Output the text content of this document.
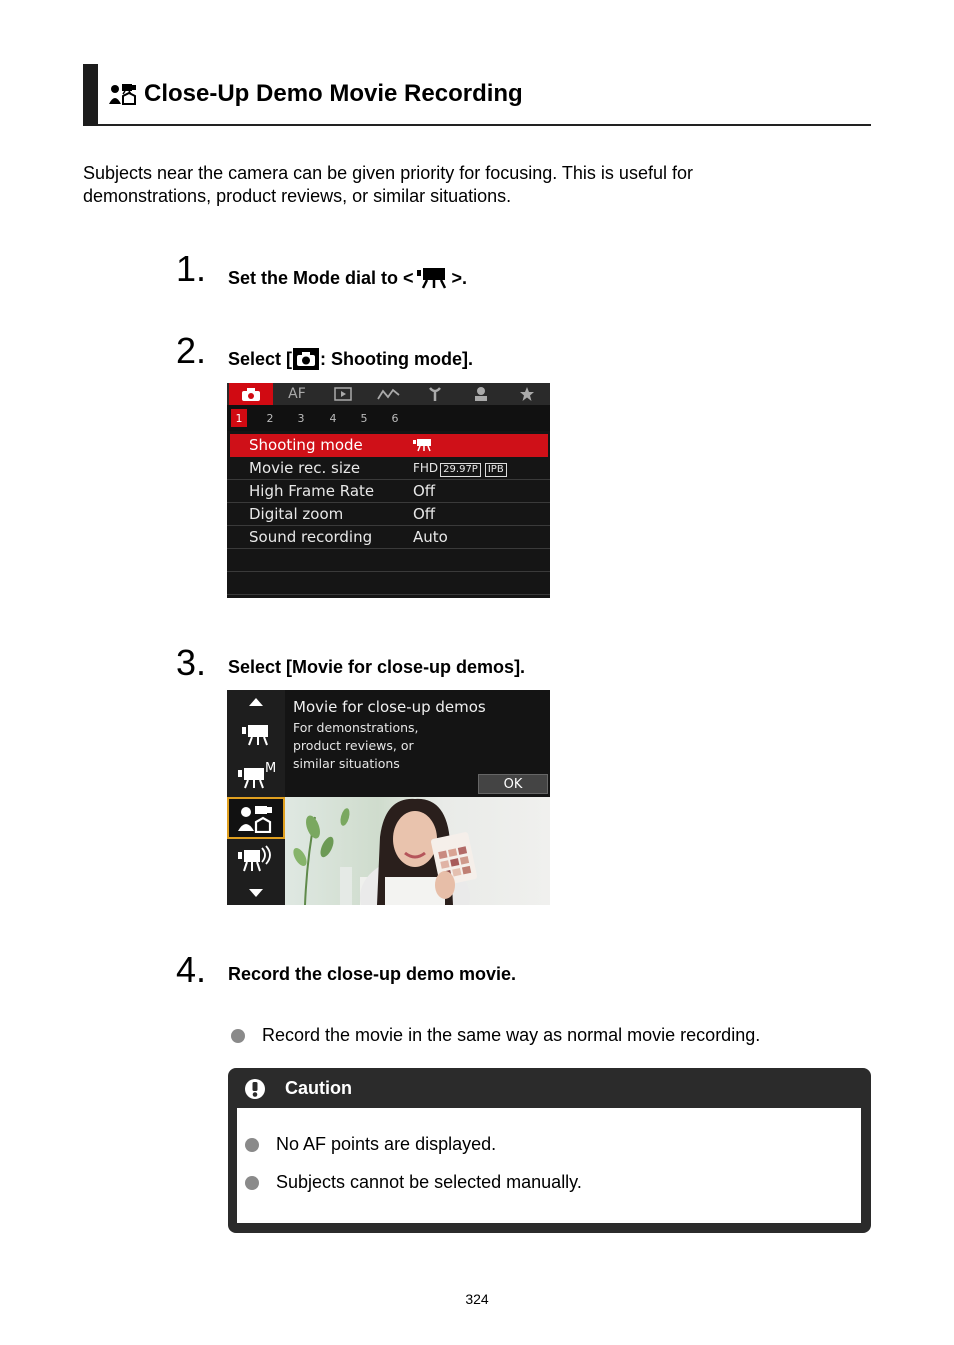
Close-Up Demo Movie Recording
Subjects near the camera can be given priority for focusing. This is useful for demonstrations, product reviews, or similar situations.
1. Set the Mode dial to < >.
2. Select [ : Shooting mode].
AF
1	2	3	4	5	6
Shooting mode
Movie rec. size	FHD 29.97P IPB
High Frame Rate	Off
Digital zoom	Off
Sound recording	Auto
3. Select [Movie for close-up demos].
M
Movie for close-up demos
For demonstrations,
product reviews, or
similar situations
OK
4. Record the close-up demo movie.
Record the movie in the same way as normal movie recording.
Caution
No AF points are displayed.
Subjects cannot be selected manually.
324
